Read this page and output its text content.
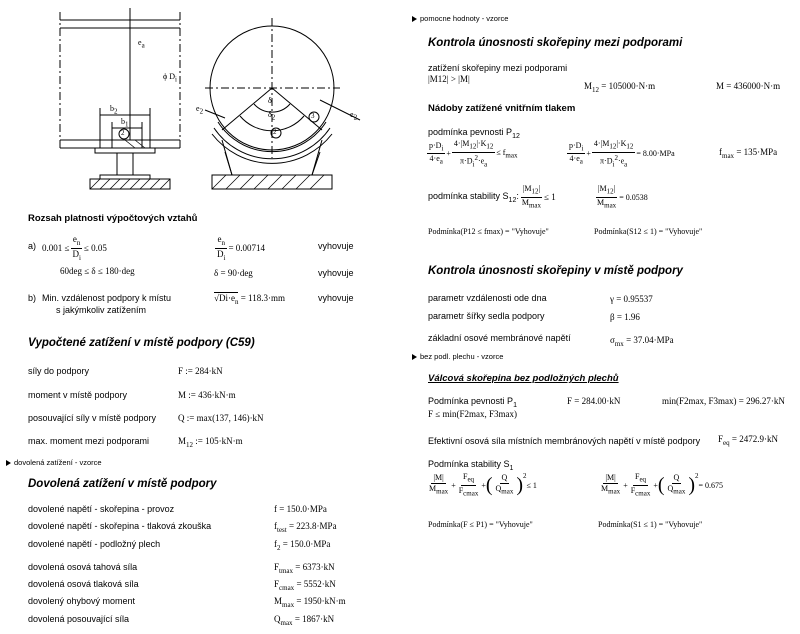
$e_a$
ϕ $D_i$
$b_2$
$b_1$
2
δ
$\delta_2$
2
3
$e_2$	$e_2$
Rozsah platnosti výpočtových vztahů
a) $0.001 \le \frac{e_n}{D_i} \le 0.05$	$\frac{e_n}{D_i} = 0.00714$	vyhovuje
60deg ≤ δ ≤ 180·deg	δ = 90·deg	vyhovuje
b) Min. vzdálenost podpory k místu
s jakýmkoliv zatížením
$√Di\cdot e_n = 118.3\cdot mm$	vyhovuje
Vypočtené zatížení v místě podpory (C59)
síly do podpory	F := 284·kN
moment v místě podpory	M := 436·kN·m
posouvající síly v místě podpory Q := max(137, 146)·kN
max. moment mezi podporami	$M_{12}$ := 105·kN·m
dovolená zatížení - vzorce
Dovolená zatížení v místě podpory
dovolené napětí - skořepina - provoz	f = 150.0·MPa
dovolené napětí - skořepina - tlaková zkouška	$f_{test} = 223.8\cdot MPa$
dovolené napětí - podložný plech	$f_2 = 150.0\cdot MPa$
dovolená osová tahová síla	$F_{tmax} = 6373\cdot kN$
dovolená osová tlaková síla	$F_{cmax} = 5552\cdot kN$
dovolený ohybový moment	$M_{max} = 1950\cdot kN\cdot m$
dovolená posouvající síla	$Q_{max} = 1867\cdot kN$
pomocne hodnoty - vzorce
Kontrola únosnosti skořepiny mezi podporami
zatížení skořepiny mezi podporami
|M12| > |M|
$M_{12} = 105000\cdot N\cdot m$	M = 436000·N·m
Nádoby zatížené vnitřním tlakem
podmínka pevnosti $P_{12}$
$\frac{p\cdot D_i}{4\cdot e_a} + \frac{4\cdot|M_{12}|\cdot K_{12}}{\pi\cdot D_i^2\cdot e_a} \le f_{max}$	$\frac{p\cdot D_i}{4\cdot e_a} + \frac{4\cdot|M_{12}|\cdot K_{12}}{\pi\cdot D_i^2\cdot e_a} = 8.00\cdot MPa$	$f_{max} = 135\cdot MPa$
podmínka stability $S_{12}$: $\frac{|M_{12}|}{M_{max}} \le 1$	$\frac{|M_{12}|}{M_{max}} = 0.0538$
Podmínka(P12 ≤ fmax) = "Vyhovuje"	Podmínka(S12 ≤ 1) = "Vyhovuje"
Kontrola únosnosti skořepiny v místě podpory
parametr vzdálenosti ode dna	γ = 0.95537
parametr šířky sedla podpory	β = 1.96
základní osové membránové napětí	$\sigma_{mx} = 37.04\cdot MPa$
bez podl. plechu - vzorce
Válcová skořepina bez podložných plechů
Podmínka pevnosti $P_1$	F = 284.00·kN	min(F2max, F3max) = 296.27·kN
F ≤ min(F2max, F3max)
Efektivní osová síla místních membránových napětí v místě podpory $F_{eq} = 2472.9\cdot kN$
Podmínka stability $S_1$
$\frac{|M|}{M_{max}} + \frac{F_{eq}}{F_{cmax}}$ + ( $\frac{Q}{Q_{max}}$ ) 2
≤ 1	$\frac{|M|}{M_{max}} + \frac{F_{eq}}{F_{cmax}}$ + ( $\frac{Q}{Q_{max}}$ ) 2
= 0.675
Podmínka(F ≤ P1) = "Vyhovuje"	Podmínka(S1 ≤ 1) = "Vyhovuje"
